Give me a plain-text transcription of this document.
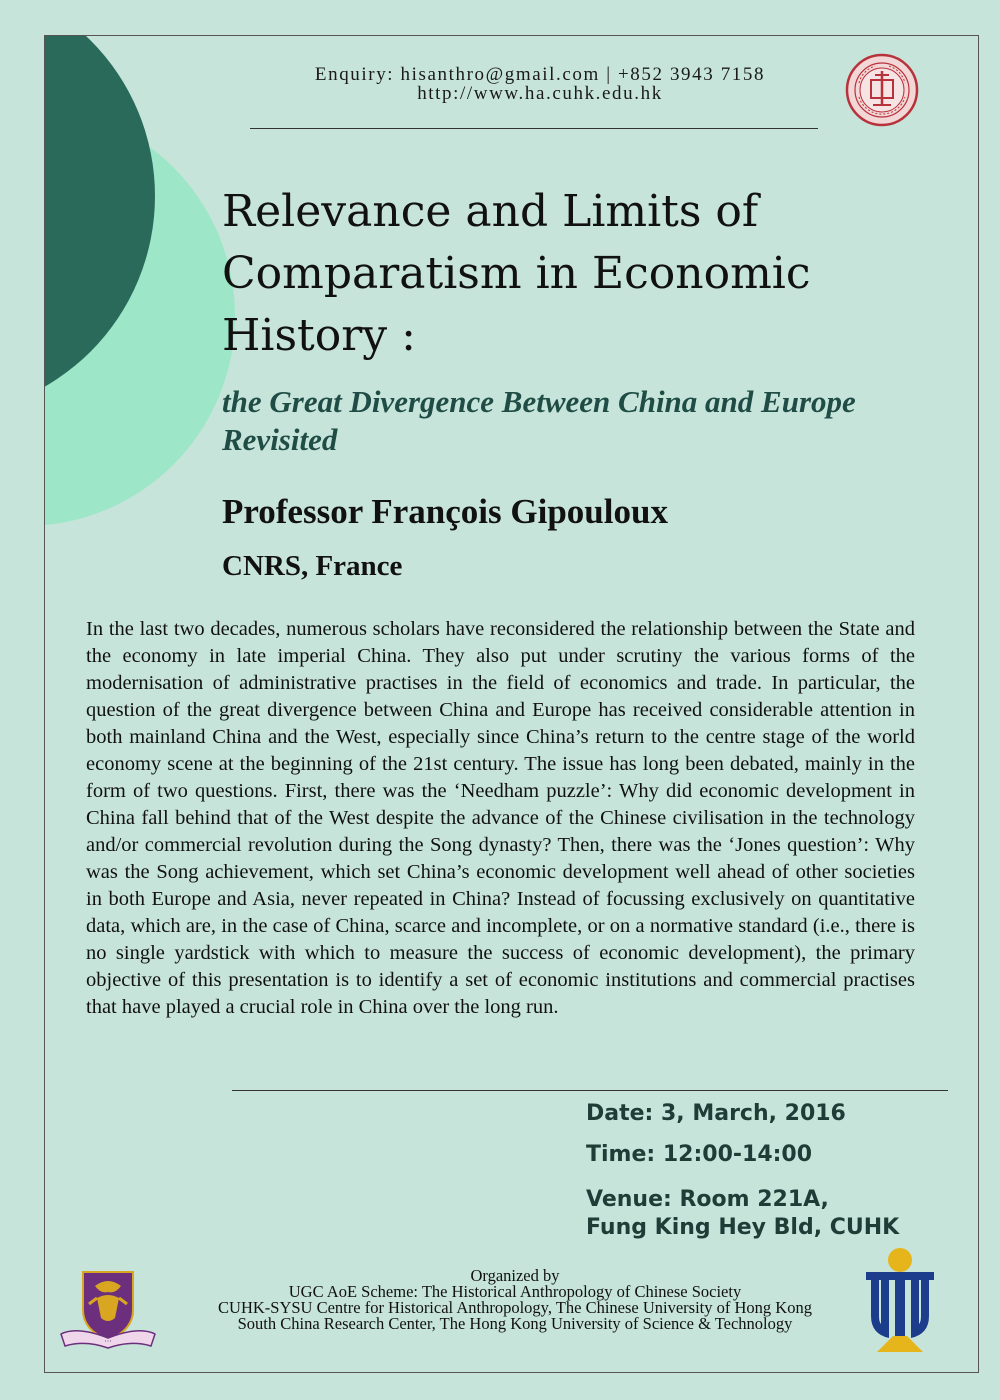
Enquiry: hisanthro@gmail.com | +852 3943 7158
http://www.ha.cuhk.edu.hk
Relevance and Limits of
Comparatism in Economic
History :
the Great Divergence Between China and Europe
Revisited
Professor François Gipouloux
CNRS, France

In the last two decades, numerous scholars have reconsidered the relationship between the State and the economy in late imperial China. They also put under scrutiny the various forms of the modernisation of administrative practises in the field of economics and trade. In particular, the question of the great divergence between China and Europe has received considerable attention in both mainland China and the West, especially since China’s return to the centre stage of the world economy scene at the beginning of the 21st century. The issue has long been debated, mainly in the form of two questions. First, there was the ‘Needham puzzle’: Why did economic development in China fall behind that of the West despite the advance of the Chinese civilisation in the technology and/or commercial revolution during the Song dynasty? Then, there was the ‘Jones question’: Why was the Song achievement, which set China’s economic development well ahead of other societies in both Europe and Asia, never repeated in China? Instead of focussing exclusively on quantitative data, which are, in the case of China, scarce and incomplete, or on a normative standard (i.e., there is no single yardstick with which to measure the success of economic development), the primary objective of this presentation is to identify a set of economic institutions and commercial practises that have played a crucial role in China over the long run.

Date: 3, March, 2016
Time: 12:00-14:00
Venue: Room 221A,
Fung King Hey Bld, CUHK
···
Organized by
UGC AoE Scheme: The Historical Anthropology of Chinese Society
CUHK-SYSU Centre for Historical Anthropology, The Chinese University of Hong Kong
South China Research Center, The Hong Kong University of Science & Technology
